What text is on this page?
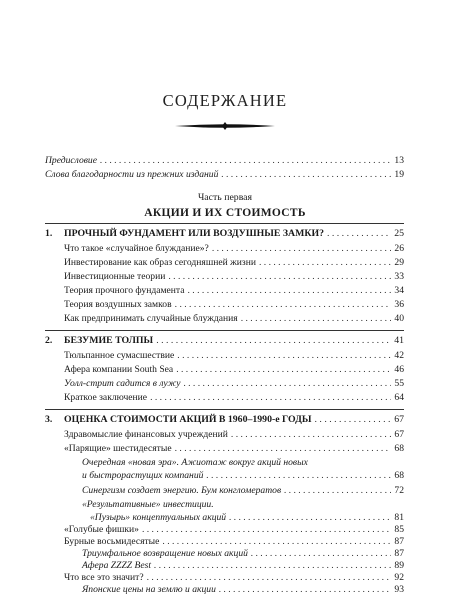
СОДЕРЖАНИЕ
Предисловие . . .	13
Слова благодарности из прежних изданий . . .	19
Часть первая
АКЦИИ И ИХ СТОИМОСТЬ
1. ПРОЧНЫЙ ФУНДАМЕНТ ИЛИ ВОЗДУШНЫЕ ЗАМКИ? . . .	25
Что такое «случайное блуждание»? . . .	26
Инвестирование как образ сегодняшней жизни . . .	29
Инвестиционные теории . . .	33
Теория прочного фундамента . . .	34
Теория воздушных замков . . .	36
Как предпринимать случайные блуждания . . .	40
2. БЕЗУМИЕ ТОЛПЫ . . .	41
Тюльпанное сумасшествие . . .	42
Афера компании South Sea . . .	46
Уолл-стрит садится в лужу . . .	55
Краткое заключение . . .	64
3. ОЦЕНКА СТОИМОСТИ АКЦИЙ В 1960–1990-е ГОДЫ . . .	67
Здравомыслие финансовых учреждений . . .	67
«Парящие» шестидесятые . . .	68
Очередная «новая эра». Ажиотаж вокруг акций новых
и быстрорастущих компаний . . .	68
Синергизм создает энергию. Бум конгломератов . . .	72
«Результативные» инвестиции.
«Пузырь» концептуальных акций . . .	81
«Голубые фишки» . . .	85
Бурные восьмидесятые . . .	87
Триумфальное возвращение новых акций . . .	87
Афера ZZZZ Best . . .	89
Что все это значит? . . .	92
Японские цены на землю и акции . . .	93
